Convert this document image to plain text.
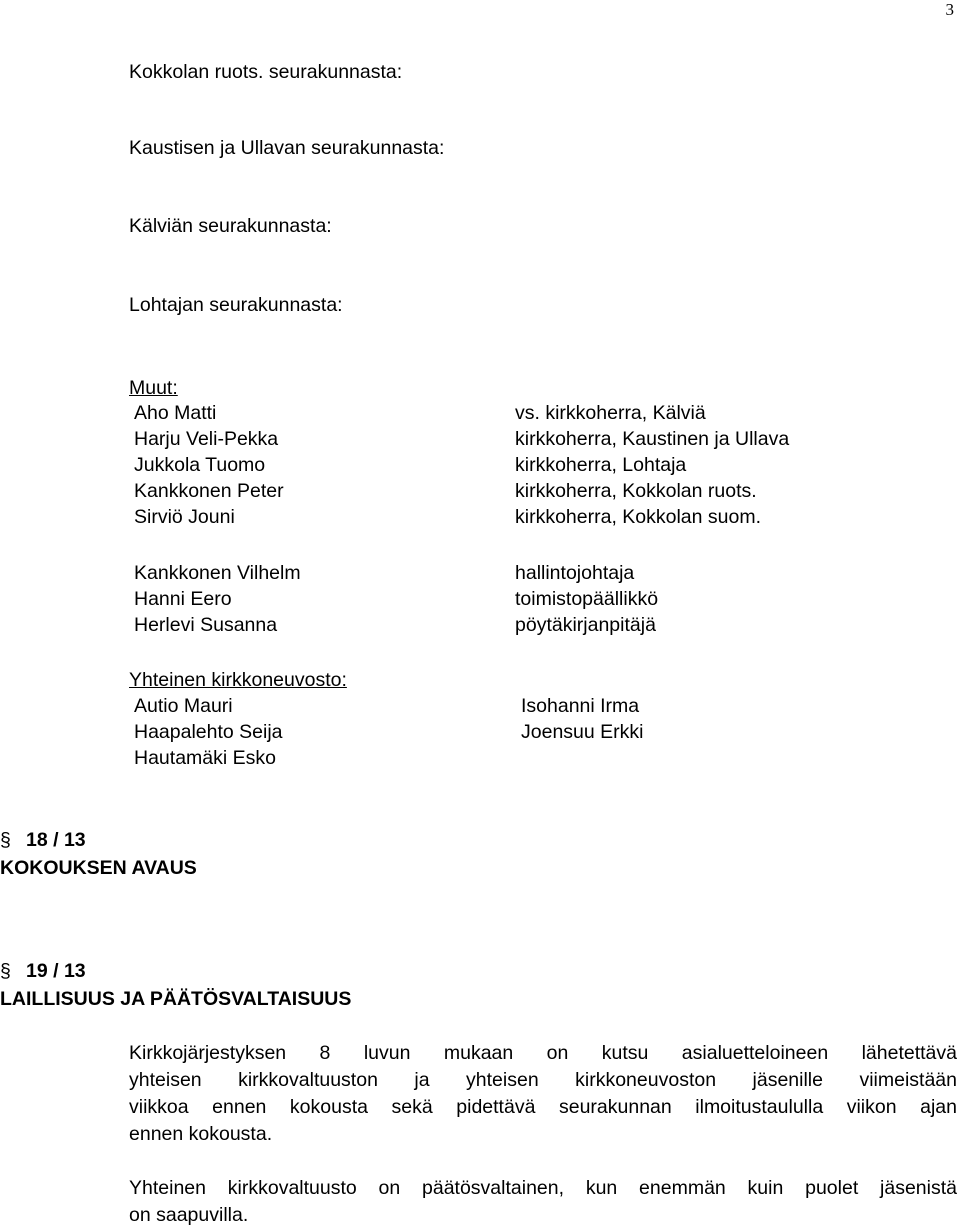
3
Kokkolan ruots. seurakunnasta:
Kaustisen ja Ullavan seurakunnasta:
Kälviän seurakunnasta:
Lohtajan seurakunnasta:
Muut:
Aho Matti
Harju Veli-Pekka
Jukkola Tuomo
Kankkonen Peter
Sirviö Jouni
vs. kirkkoherra, Kälviä
kirkkoherra, Kaustinen ja Ullava
kirkkoherra, Lohtaja
kirkkoherra, Kokkolan ruots.
kirkkoherra, Kokkolan suom.
Kankkonen Vilhelm
Hanni Eero
Herlevi Susanna
hallintojohtaja
toimistopäällikkö
pöytäkirjanpitäjä
Yhteinen kirkkoneuvosto:
Autio Mauri
Haapalehto Seija
Hautamäki Esko
Isohanni Irma
Joensuu Erkki
§ 18 / 13
KOKOUKSEN AVAUS
§ 19 / 13
LAILLISUUS JA PÄÄTÖSVALTAISUUS
Kirkkojärjestyksen 8 luvun mukaan on kutsu asialuetteloineen lähetettävä
yhteisen kirkkovaltuuston ja yhteisen kirkkoneuvoston jäsenille viimeistään
viikkoa ennen kokousta sekä pidettävä seurakunnan ilmoitustaululla viikon ajan
ennen kokousta.
Yhteinen kirkkovaltuusto on päätösvaltainen, kun enemmän kuin puolet jäsenistä
on saapuvilla.
